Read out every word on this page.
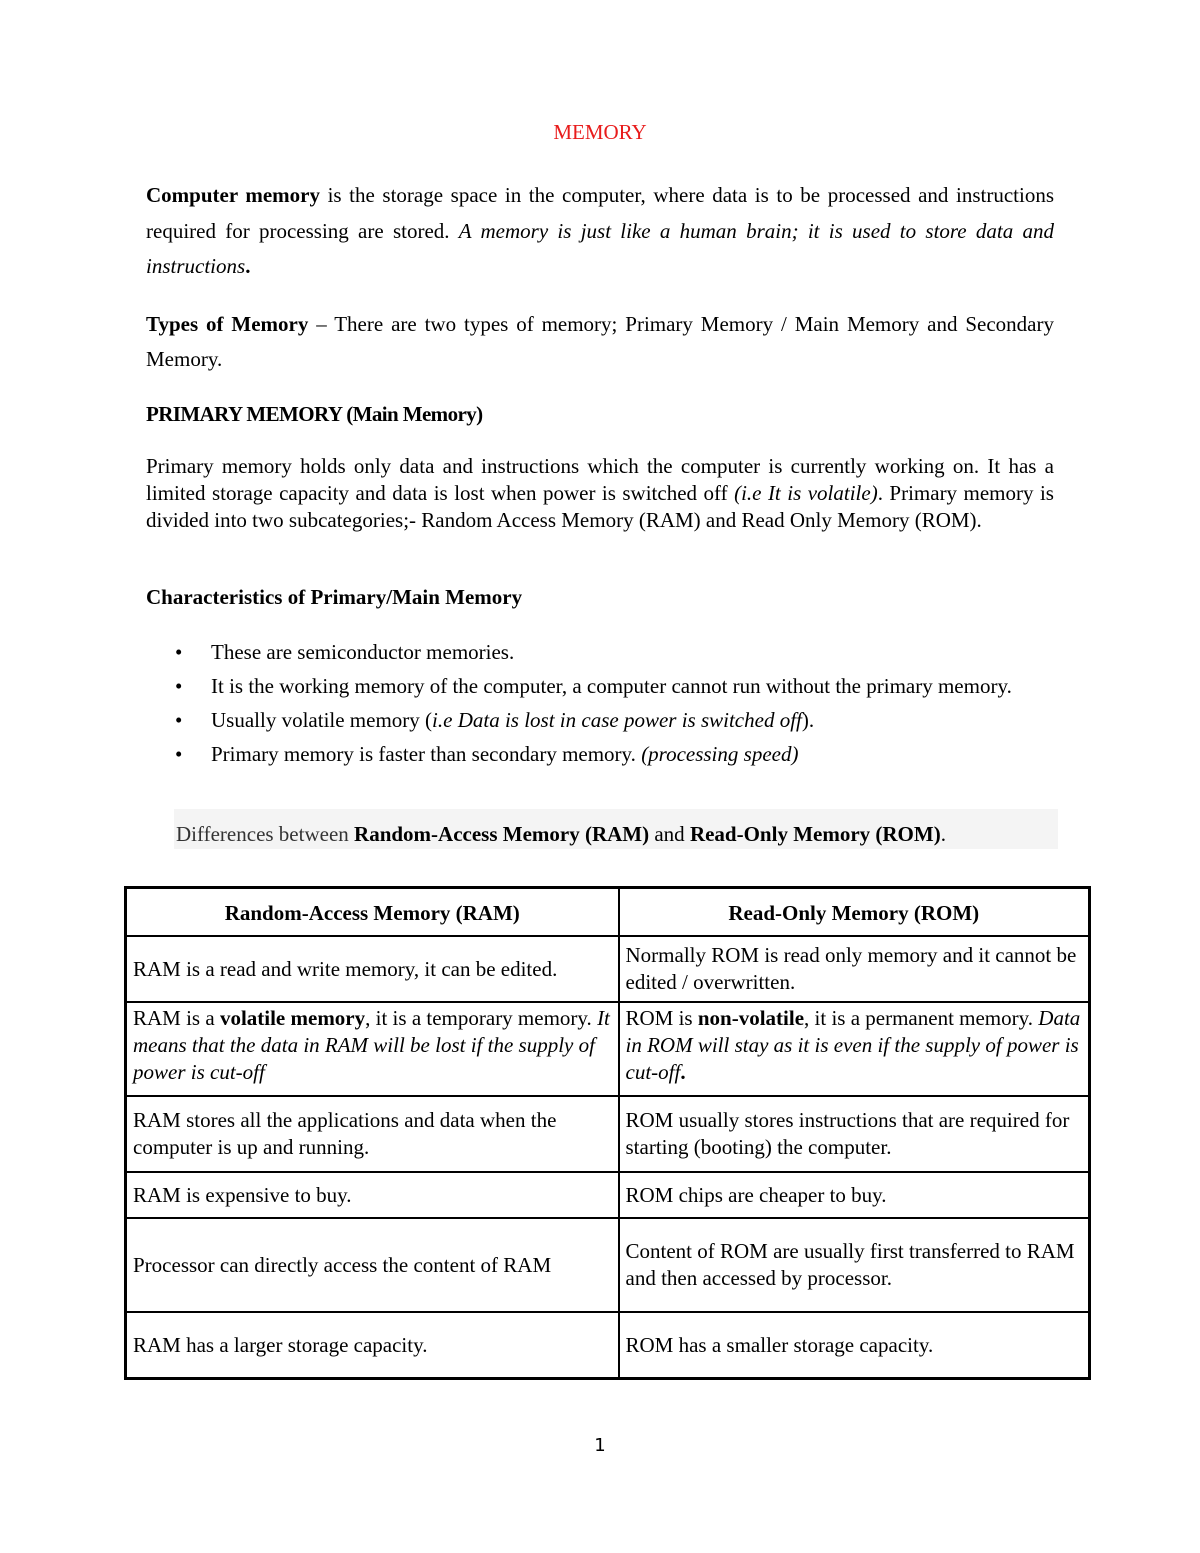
MEMORY
Computer memory is the storage space in the computer, where data is to be processed and instructions required for processing are stored. A memory is just like a human brain; it is used to store data and instructions.
Types of Memory – There are two types of memory; Primary Memory / Main Memory and Secondary Memory.
PRIMARY MEMORY (Main Memory)
Primary memory holds only data and instructions which the computer is currently working on. It has a limited storage capacity and data is lost when power is switched off (i.e It is volatile). Primary memory is divided into two subcategories;- Random Access Memory (RAM) and Read Only Memory (ROM).
Characteristics of Primary/Main Memory
• These are semiconductor memories.
• It is the working memory of the computer, a computer cannot run without the primary memory.
• Usually volatile memory (i.e Data is lost in case power is switched off).
• Primary memory is faster than secondary memory. (processing speed)
Differences between Random-Access Memory (RAM) and Read-Only Memory (ROM).
Random-Access Memory (RAM)	Read-Only Memory (ROM)
RAM is a read and write memory, it can be edited.	Normally ROM is read only memory and it cannot be edited / overwritten.
RAM is a volatile memory, it is a temporary memory. It means that the data in RAM will be lost if the supply of power is cut-off	ROM is non-volatile, it is a permanent memory. Data in ROM will stay as it is even if the supply of power is cut-off.
RAM stores all the applications and data when the computer is up and running.	ROM usually stores instructions that are required for starting (booting) the computer.
RAM is expensive to buy.	ROM chips are cheaper to buy.
Processor can directly access the content of RAM	Content of ROM are usually first transferred to RAM and then accessed by processor.
RAM has a larger storage capacity.	ROM has a smaller storage capacity.
1
